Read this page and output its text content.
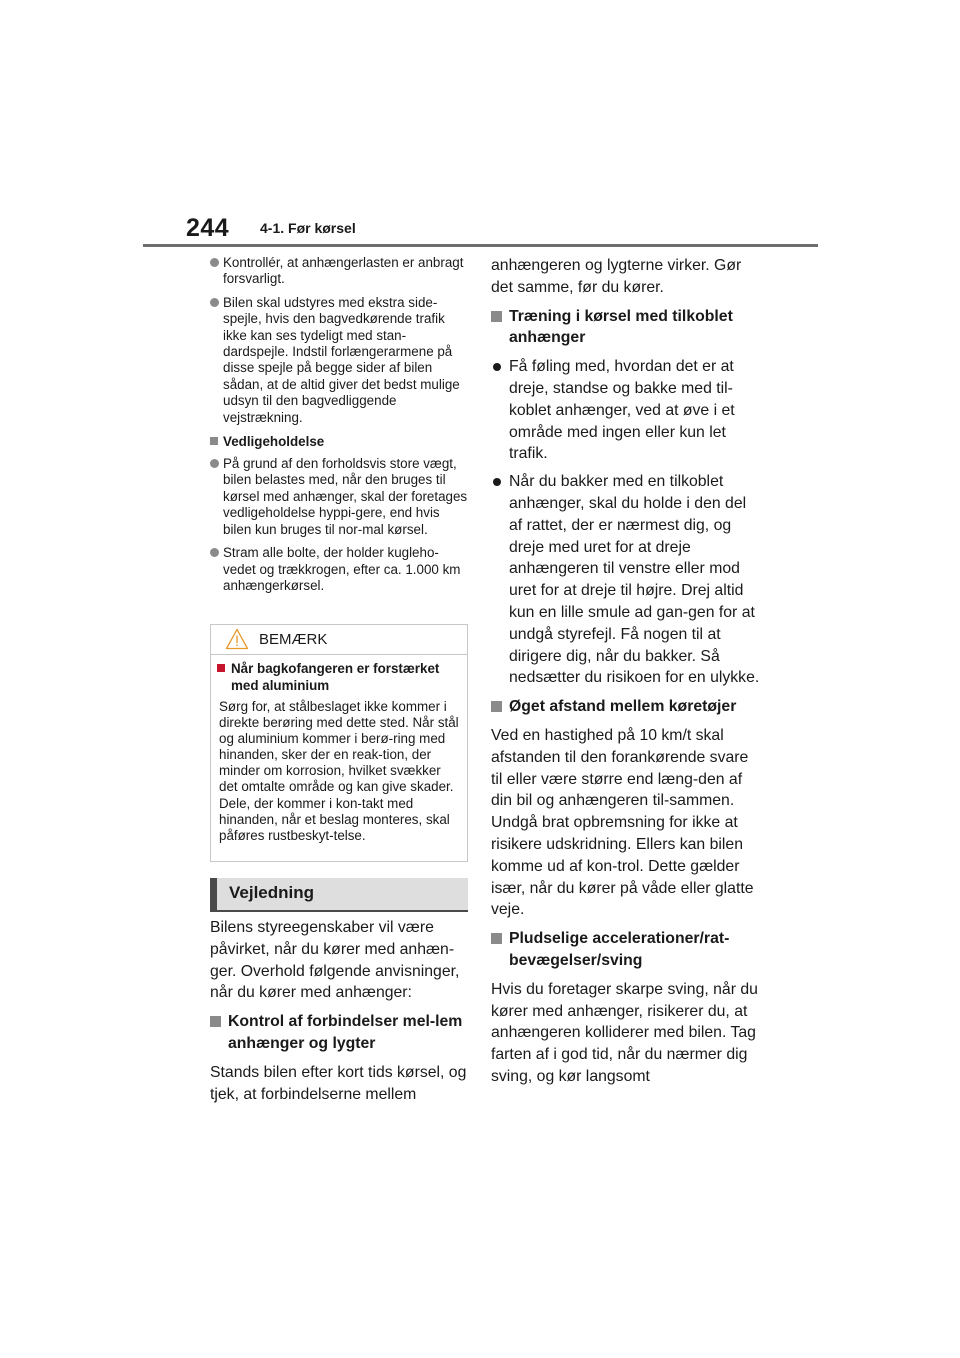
244 4-1. Før kørsel
Kontrollér, at anhængerlasten er anbragt forsvarligt.
Bilen skal udstyres med ekstra side-spejle, hvis den bagvedkørende trafik ikke kan ses tydeligt med stan-dardspejle. Indstil forlængerarmene på disse spejle på begge sider af bilen sådan, at de altid giver det bedst mulige udsyn til den bagvedliggende vejstrækning.
Vedligeholdelse
På grund af den forholdsvis store vægt, bilen belastes med, når den bruges til kørsel med anhænger, skal der foretages vedligeholdelse hyppi-gere, end hvis bilen kun bruges til nor-mal kørsel.
Stram alle bolte, der holder kugleho-vedet og trækkrogen, efter ca. 1.000 km anhængerkørsel.
BEMÆRK
Når bagkofangeren er forstærket med aluminium
Sørg for, at stålbeslaget ikke kommer i direkte berøring med dette sted. Når stål og aluminium kommer i berø-ring med hinanden, sker der en reak-tion, der minder om korrosion, hvilket svækker det omtalte område og kan give skader. Dele, der kommer i kon-takt med hinanden, når et beslag monteres, skal påføres rustbeskyt-telse.
Vejledning
Bilens styreegenskaber vil være påvirket, når du kører med anhæn-ger. Overhold følgende anvisninger, når du kører med anhænger:
Kontrol af forbindelser mel-lem anhænger og lygter
Stands bilen efter kort tids kørsel, og tjek, at forbindelserne mellem
anhængeren og lygterne virker. Gør det samme, før du kører.
Træning i kørsel med tilkoblet anhænger
Få føling med, hvordan det er at dreje, standse og bakke med til-koblet anhænger, ved at øve i et område med ingen eller kun let trafik.
Når du bakker med en tilkoblet anhænger, skal du holde i den del af rattet, der er nærmest dig, og dreje med uret for at dreje anhængeren til venstre eller mod uret for at dreje til højre. Drej altid kun en lille smule ad gan-gen for at undgå styrefejl. Få nogen til at dirigere dig, når du bakker. Så nedsætter du risikoen for en ulykke.
Øget afstand mellem køretøjer
Ved en hastighed på 10 km/t skal afstanden til den forankørende svare til eller være større end læng-den af din bil og anhængeren til-sammen. Undgå brat opbremsning for ikke at risikere udskridning. Ellers kan bilen komme ud af kon-trol. Dette gælder især, når du kører på våde eller glatte veje.
Pludselige accelerationer/rat-bevægelser/sving
Hvis du foretager skarpe sving, når du kører med anhænger, risikerer du, at anhængeren kolliderer med bilen. Tag farten af i god tid, når du nærmer dig sving, og kør langsomt
